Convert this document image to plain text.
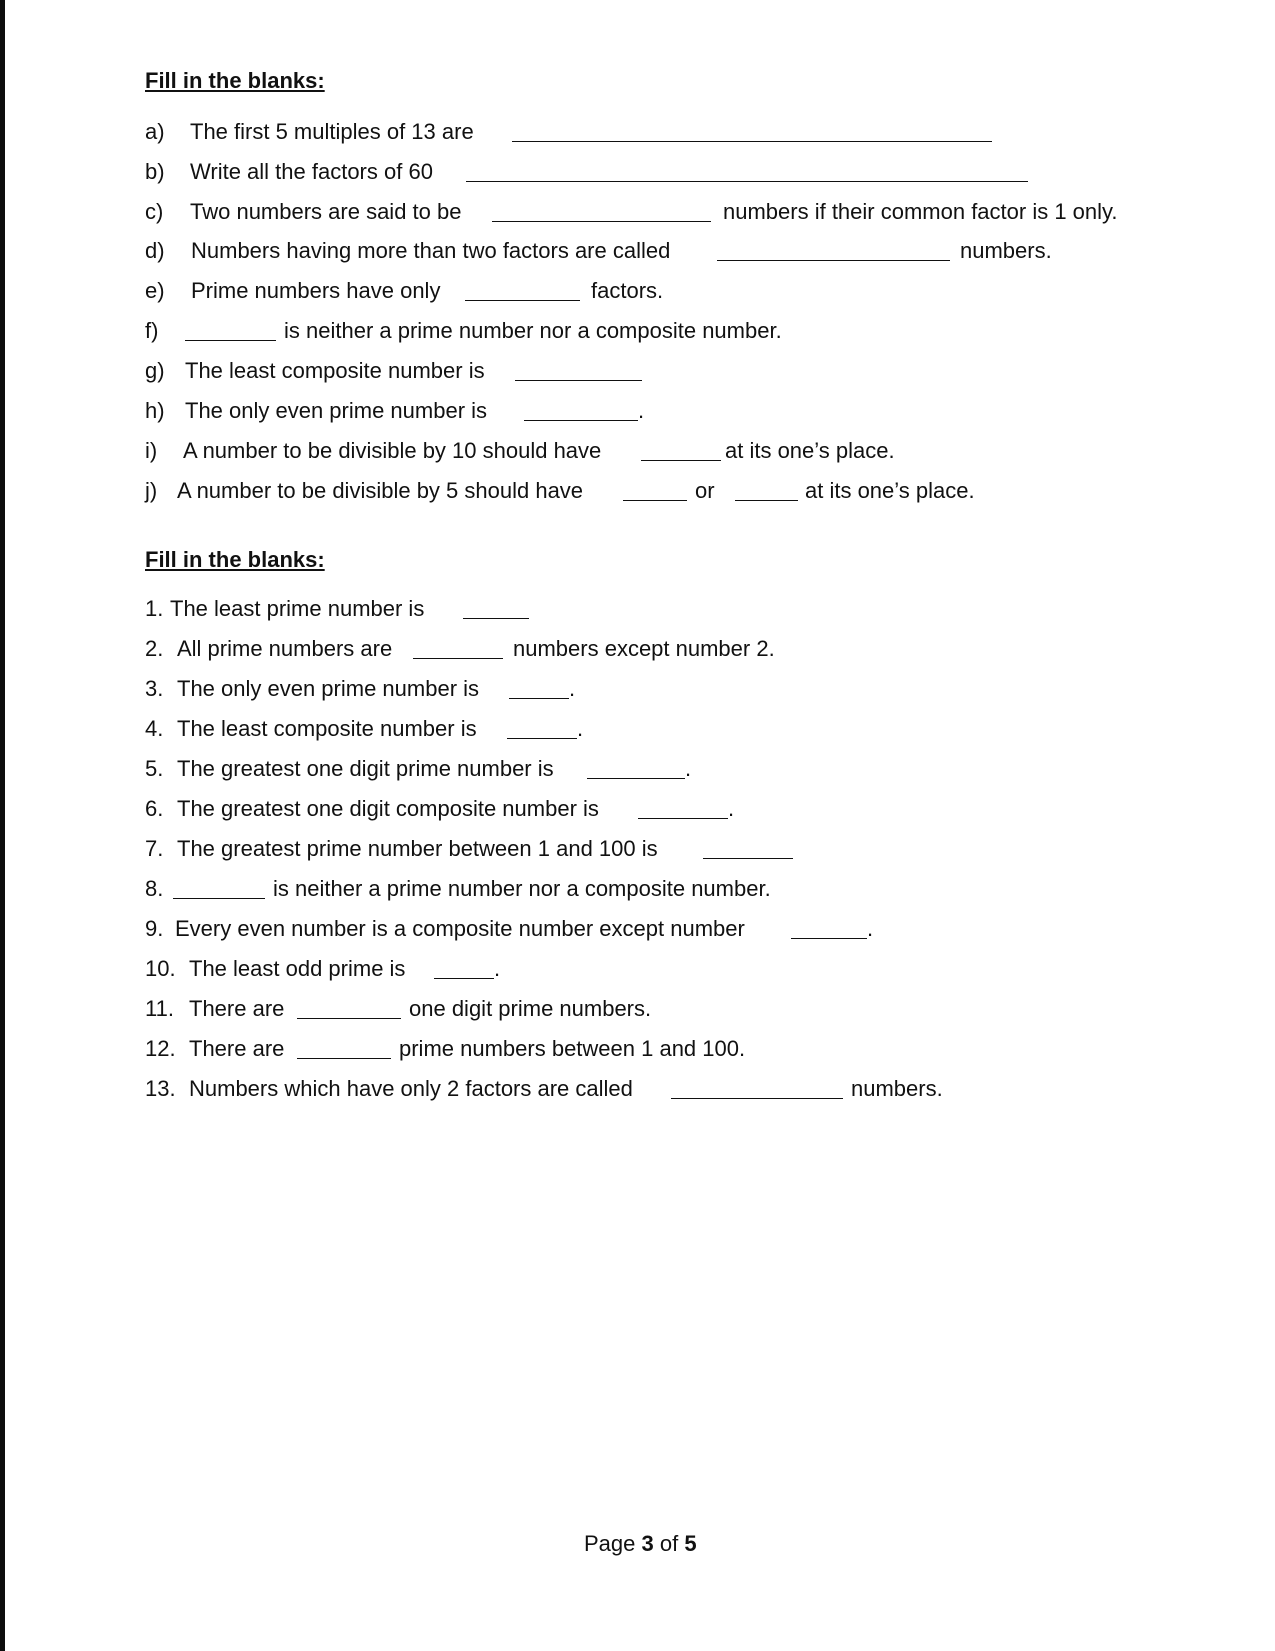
Fill in the blanks:
a) The first 5 multiples of 13 are
b) Write all the factors of 60
c) Two numbers are said to be	numbers if their common factor is 1 only.
d) Numbers having more than two factors are called	numbers.
e) Prime numbers have only	factors.
f)	is neither a prime number nor a composite number.
g) The least composite number is
h) The only even prime number is	.
i) A number to be divisible by 10 should have	at its one’s place.
j) A number to be divisible by 5 should have	or	at its one’s place.
Fill in the blanks:
1. The least prime number is
2. All prime numbers are	numbers except number 2.
3. The only even prime number is	.
4. The least composite number is	.
5. The greatest one digit prime number is	.
6. The greatest one digit composite number is	.
7. The greatest prime number between 1 and 100 is
8.	is neither a prime number nor a composite number.
9. Every even number is a composite number except number	.
10. The least odd prime is	.
11. There are	one digit prime numbers.
12. There are	prime numbers between 1 and 100.
13. Numbers which have only 2 factors are called	numbers.
Page 3 of 5
